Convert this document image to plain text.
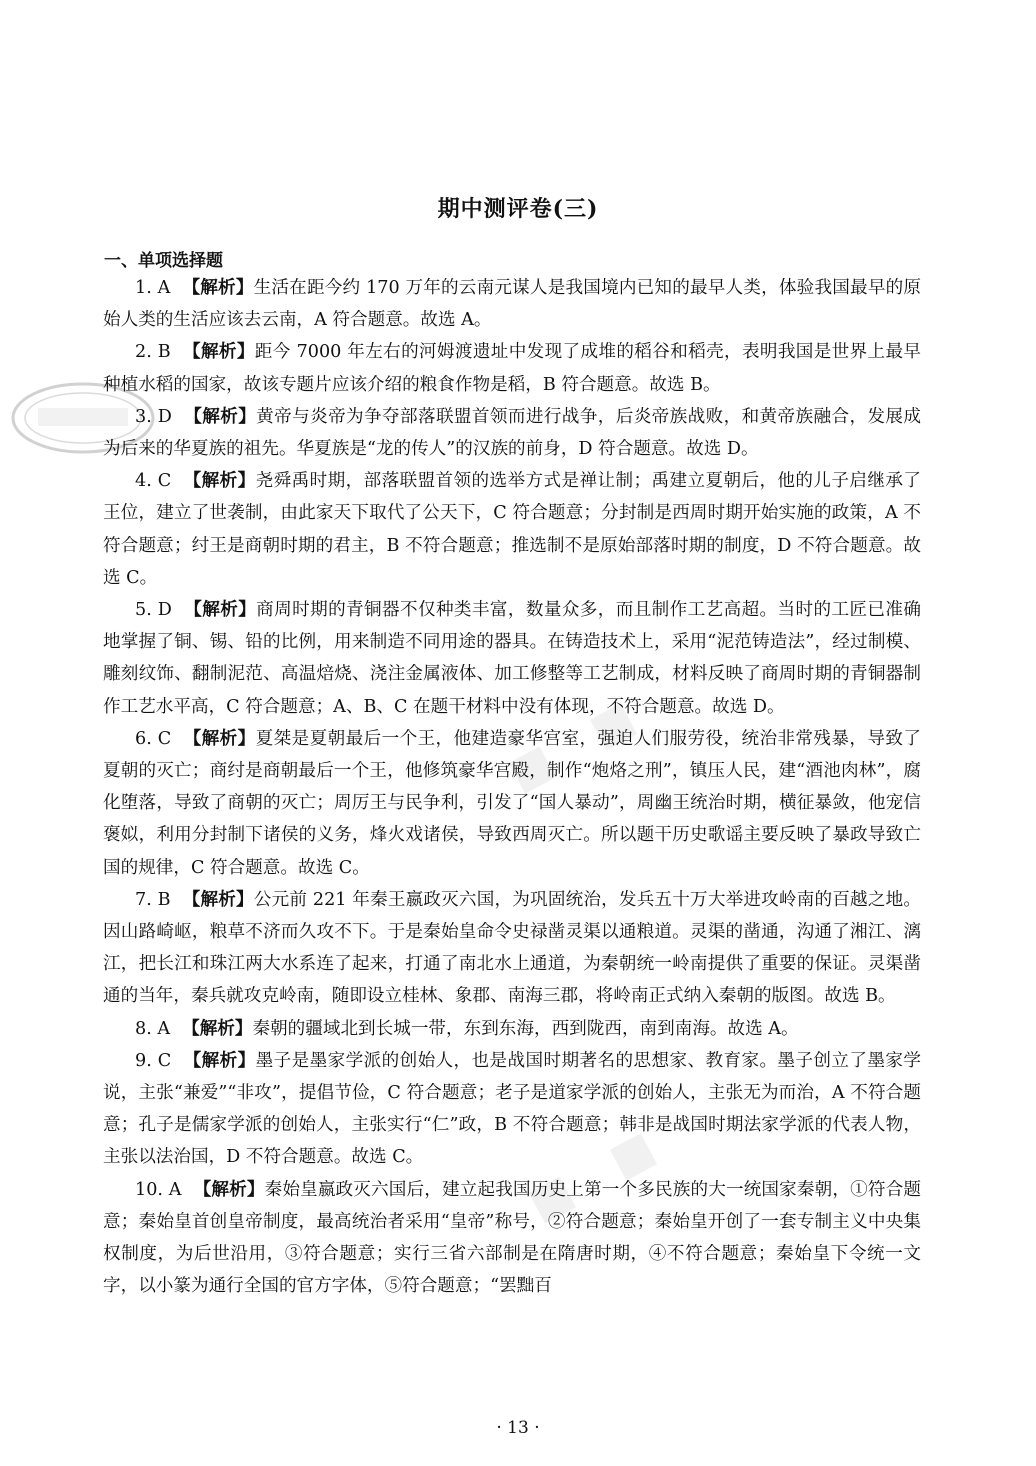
▪ ▪
▪ ▪
期中测评卷(三)
一、单项选择题

1. A 【解析】生活在距今约 170 万年的云南元谋人是我国境内已知的最早人类，体验我国最早的原始人类的生活应该去云南，A 符合题意。故选 A。

2. B 【解析】距今 7000 年左右的河姆渡遗址中发现了成堆的稻谷和稻壳，表明我国是世界上最早种植水稻的国家，故该专题片应该介绍的粮食作物是稻，B 符合题意。故选 B。

3. D 【解析】黄帝与炎帝为争夺部落联盟首领而进行战争，后炎帝族战败，和黄帝族融合，发展成为后来的华夏族的祖先。华夏族是“龙的传人”的汉族的前身，D 符合题意。故选 D。

4. C 【解析】尧舜禹时期，部落联盟首领的选举方式是禅让制；禹建立夏朝后，他的儿子启继承了王位，建立了世袭制，由此家天下取代了公天下，C 符合题意；分封制是西周时期开始实施的政策，A 不符合题意；纣王是商朝时期的君主，B 不符合题意；推选制不是原始部落时期的制度，D 不符合题意。故选 C。

5. D 【解析】商周时期的青铜器不仅种类丰富，数量众多，而且制作工艺高超。当时的工匠已准确地掌握了铜、锡、铅的比例，用来制造不同用途的器具。在铸造技术上，采用“泥范铸造法”，经过制模、雕刻纹饰、翻制泥范、高温焙烧、浇注金属液体、加工修整等工艺制成，材料反映了商周时期的青铜器制作工艺水平高，C 符合题意；A、B、C 在题干材料中没有体现，不符合题意。故选 D。

6. C 【解析】夏桀是夏朝最后一个王，他建造豪华宫室，强迫人们服劳役，统治非常残暴，导致了夏朝的灭亡；商纣是商朝最后一个王，他修筑豪华宫殿，制作“炮烙之刑”，镇压人民，建“酒池肉林”，腐化堕落，导致了商朝的灭亡；周厉王与民争利，引发了“国人暴动”，周幽王统治时期，横征暴敛，他宠信褒姒，利用分封制下诸侯的义务，烽火戏诸侯，导致西周灭亡。所以题干历史歌谣主要反映了暴政导致亡国的规律，C 符合题意。故选 C。

7. B 【解析】公元前 221 年秦王嬴政灭六国，为巩固统治，发兵五十万大举进攻岭南的百越之地。因山路崎岖，粮草不济而久攻不下。于是秦始皇命令史禄凿灵渠以通粮道。灵渠的凿通，沟通了湘江、漓江，把长江和珠江两大水系连了起来，打通了南北水上通道，为秦朝统一岭南提供了重要的保证。灵渠凿通的当年，秦兵就攻克岭南，随即设立桂林、象郡、南海三郡，将岭南正式纳入秦朝的版图。故选 B。

8. A 【解析】秦朝的疆域北到长城一带，东到东海，西到陇西，南到南海。故选 A。

9. C 【解析】墨子是墨家学派的创始人，也是战国时期著名的思想家、教育家。墨子创立了墨家学说，主张“兼爱”“非攻”，提倡节俭，C 符合题意；老子是道家学派的创始人，主张无为而治，A 不符合题意；孔子是儒家学派的创始人，主张实行“仁”政，B 不符合题意；韩非是战国时期法家学派的代表人物，主张以法治国，D 不符合题意。故选 C。

10. A 【解析】秦始皇嬴政灭六国后，建立起我国历史上第一个多民族的大一统国家秦朝，①符合题意；秦始皇首创皇帝制度，最高统治者采用“皇帝”称号，②符合题意；秦始皇开创了一套专制主义中央集权制度，为后世沿用，③符合题意；实行三省六部制是在隋唐时期，④不符合题意；秦始皇下令统一文字，以小篆为通行全国的官方字体，⑤符合题意；“罢黜百

· 13 ·
